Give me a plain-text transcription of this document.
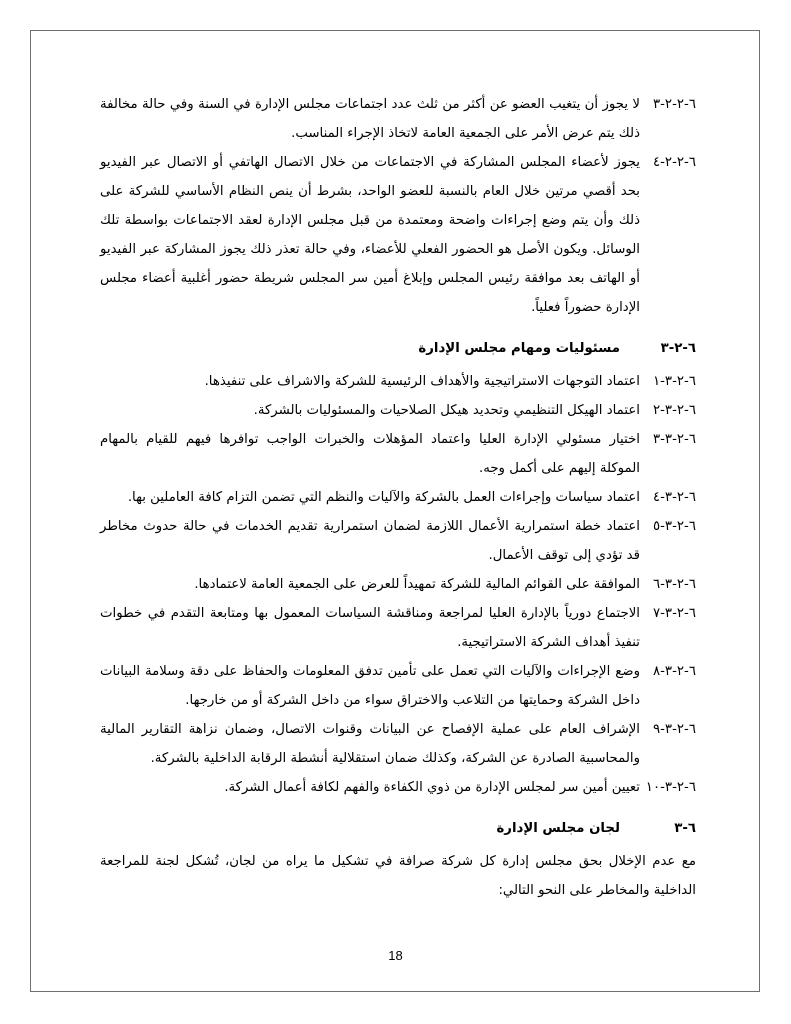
٦-٢-٢-٣
لا يجوز أن يتغيب العضو عن أكثر من ثلث عدد اجتماعات مجلس الإدارة في السنة وفي حالة مخالفة ذلك يتم عرض الأمر على الجمعية العامة لاتخاذ الإجراء المناسب.
٦-٢-٢-٤
يجوز لأعضاء المجلس المشاركة في الاجتماعات من خلال الاتصال الهاتفي أو الاتصال عبر الفيديو بحد أقصي مرتين خلال العام بالنسبة للعضو الواحد، بشرط أن ينص النظام الأساسي للشركة على ذلك وأن يتم وضع إجراءات واضحة ومعتمدة من قبل مجلس الإدارة لعقد الاجتماعات بواسطة تلك الوسائل. ويكون الأصل هو الحضور الفعلي للأعضاء، وفي حالة تعذر ذلك يجوز المشاركة عبر الفيديو أو الهاتف بعد موافقة رئيس المجلس وإبلاغ أمين سر المجلس شريطة حضور أغلبية أعضاء مجلس الإدارة حضوراً فعلياً.
٦-٢-٣
مسئوليات ومهام مجلس الإدارة
٦-٢-٣-١
اعتماد التوجهات الاستراتيجية والأهداف الرئيسية للشركة والاشراف على تنفيذها.
٦-٢-٣-٢
اعتماد الهيكل التنظيمي وتحديد هيكل الصلاحيات والمسئوليات بالشركة.
٦-٢-٣-٣
اختيار مسئولي الإدارة العليا واعتماد المؤهلات والخبرات الواجب توافرها فيهم للقيام بالمهام الموكلة إليهم على أكمل وجه.
٦-٢-٣-٤
اعتماد سياسات وإجراءات العمل بالشركة والآليات والنظم التي تضمن التزام كافة العاملين بها.
٦-٢-٣-٥
اعتماد خطة استمرارية الأعمال اللازمة لضمان استمرارية تقديم الخدمات في حالة حدوث مخاطر قد تؤدي إلى توقف الأعمال.
٦-٢-٣-٦
الموافقة على القوائم المالية للشركة تمهيداً للعرض على الجمعية العامة لاعتمادها.
٦-٢-٣-٧
الاجتماع دورياً بالإدارة العليا لمراجعة ومناقشة السياسات المعمول بها ومتابعة التقدم في خطوات تنفيذ أهداف الشركة الاستراتيجية.
٦-٢-٣-٨
وضع الإجراءات والآليات التي تعمل على تأمين تدفق المعلومات والحفاظ على دقة وسلامة البيانات داخل الشركة وحمايتها من التلاعب والاختراق سواء من داخل الشركة أو من خارجها.
٦-٢-٣-٩
الإشراف العام على عملية الإفصاح عن البيانات وقنوات الاتصال، وضمان نزاهة التقارير المالية والمحاسبية الصادرة عن الشركة، وكذلك ضمان استقلالية أنشطة الرقابة الداخلية بالشركة.
٦-٢-٣-١٠
تعيين أمين سر لمجلس الإدارة من ذوي الكفاءة والفهم لكافة أعمال الشركة.
٦-٣
لجان مجلس الإدارة
مع عدم الإخلال بحق مجلس إدارة كل شركة صرافة في تشكيل ما يراه من لجان، تُشكل لجنة للمراجعة الداخلية والمخاطر على النحو التالي:
18
